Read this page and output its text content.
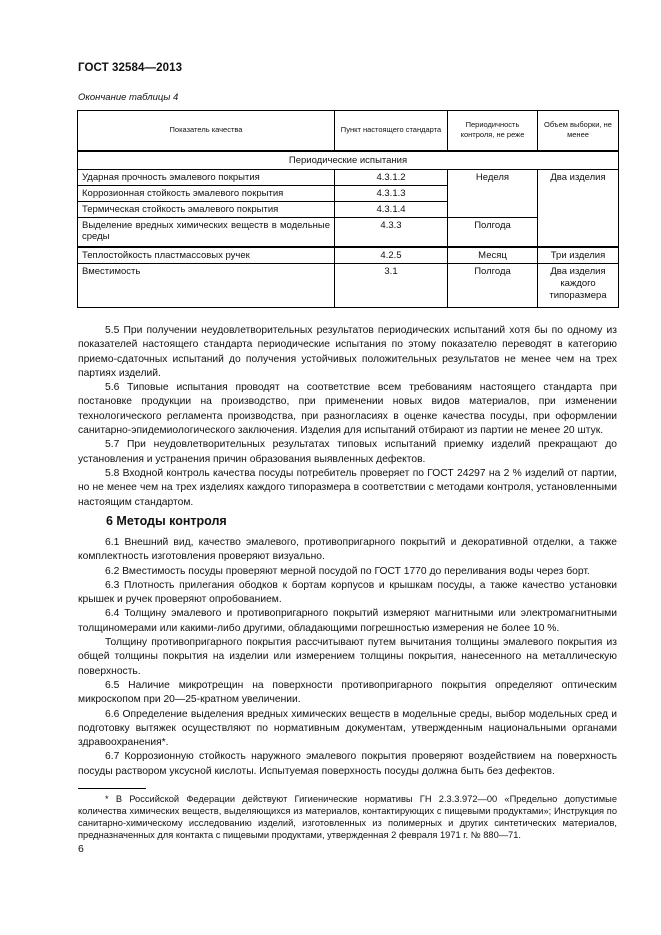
ГОСТ 32584—2013
Окончание таблицы 4
Показатель качества	Пункт настоящего стандарта	Периодичность контроля, не реже	Объем выборки, не менее
Периодические испытания			
Ударная прочность эмалевого покрытия	4.3.1.2	Неделя	Два изделия
Коррозионная стойкость эмалевого покрытия	4.3.1.3		
Термическая стойкость эмалевого покрытия	4.3.1.4		
Выделение вредных химических веществ в модельные среды	4.3.3	Полгода	
Теплостойкость пластмассовых ручек	4.2.5	Месяц	Три изделия
Вместимость	3.1	Полгода	Два изделия каждого типоразмера

5.5 При получении неудовлетворительных результатов периодических испытаний хотя бы по одному из показателей настоящего стандарта периодические испытания по этому показателю переводят в категорию приемо-сдаточных испытаний до получения устойчивых положительных результатов не менее чем на трех партиях изделий.

5.6 Типовые испытания проводят на соответствие всем требованиям настоящего стандарта при постановке продукции на производство, при применении новых видов материалов, при изменении технологического регламента производства, при разногласиях в оценке качества посуды, при оформлении санитарно-эпидемиологического заключения. Изделия для испытаний отбирают из партии не менее 20 штук.

5.7 При неудовлетворительных результатах типовых испытаний приемку изделий прекращают до установления и устранения причин образования выявленных дефектов.

5.8 Входной контроль качества посуды потребитель проверяет по ГОСТ 24297 на 2 % изделий от партии, но не менее чем на трех изделиях каждого типоразмера в соответствии с методами контроля, установленными настоящим стандартом.

6 Методы контроля

6.1 Внешний вид, качество эмалевого, противопригарного покрытий и декоративной отделки, а также комплектность изготовления проверяют визуально.

6.2 Вместимость посуды проверяют мерной посудой по ГОСТ 1770 до переливания воды через борт.

6.3 Плотность прилегания ободков к бортам корпусов и крышкам посуды, а также качество установки крышек и ручек проверяют опробованием.

6.4 Толщину эмалевого и противопригарного покрытий измеряют магнитными или электромагнитными толщиномерами или какими-либо другими, обладающими погрешностью измерения не более 10 %.

Толщину противопригарного покрытия рассчитывают путем вычитания толщины эмалевого покрытия из общей толщины покрытия на изделии или измерением толщины покрытия, нанесенного на металлическую поверхность.

6.5 Наличие микротрещин на поверхности противопригарного покрытия определяют оптическим микроскопом при 20—25-кратном увеличении.

6.6 Определение выделения вредных химических веществ в модельные среды, выбор модельных сред и подготовку вытяжек осуществляют по нормативным документам, утвержденным национальными органами здравоохранения*.

6.7 Коррозионную стойкость наружного эмалевого покрытия проверяют воздействием на поверхность посуды раствором уксусной кислоты. Испытуемая поверхность посуды должна быть без дефектов.

* В Российской Федерации действуют Гигиенические нормативы ГН 2.3.3.972—00 «Предельно допустимые количества химических веществ, выделяющихся из материалов, контактирующих с пищевыми продуктами»; Инструкция по санитарно-химическому исследованию изделий, изготовленных из полимерных и других синтетических материалов, предназначенных для контакта с пищевыми продуктами, утвержденная 2 февраля 1971 г. № 880—71.

6
